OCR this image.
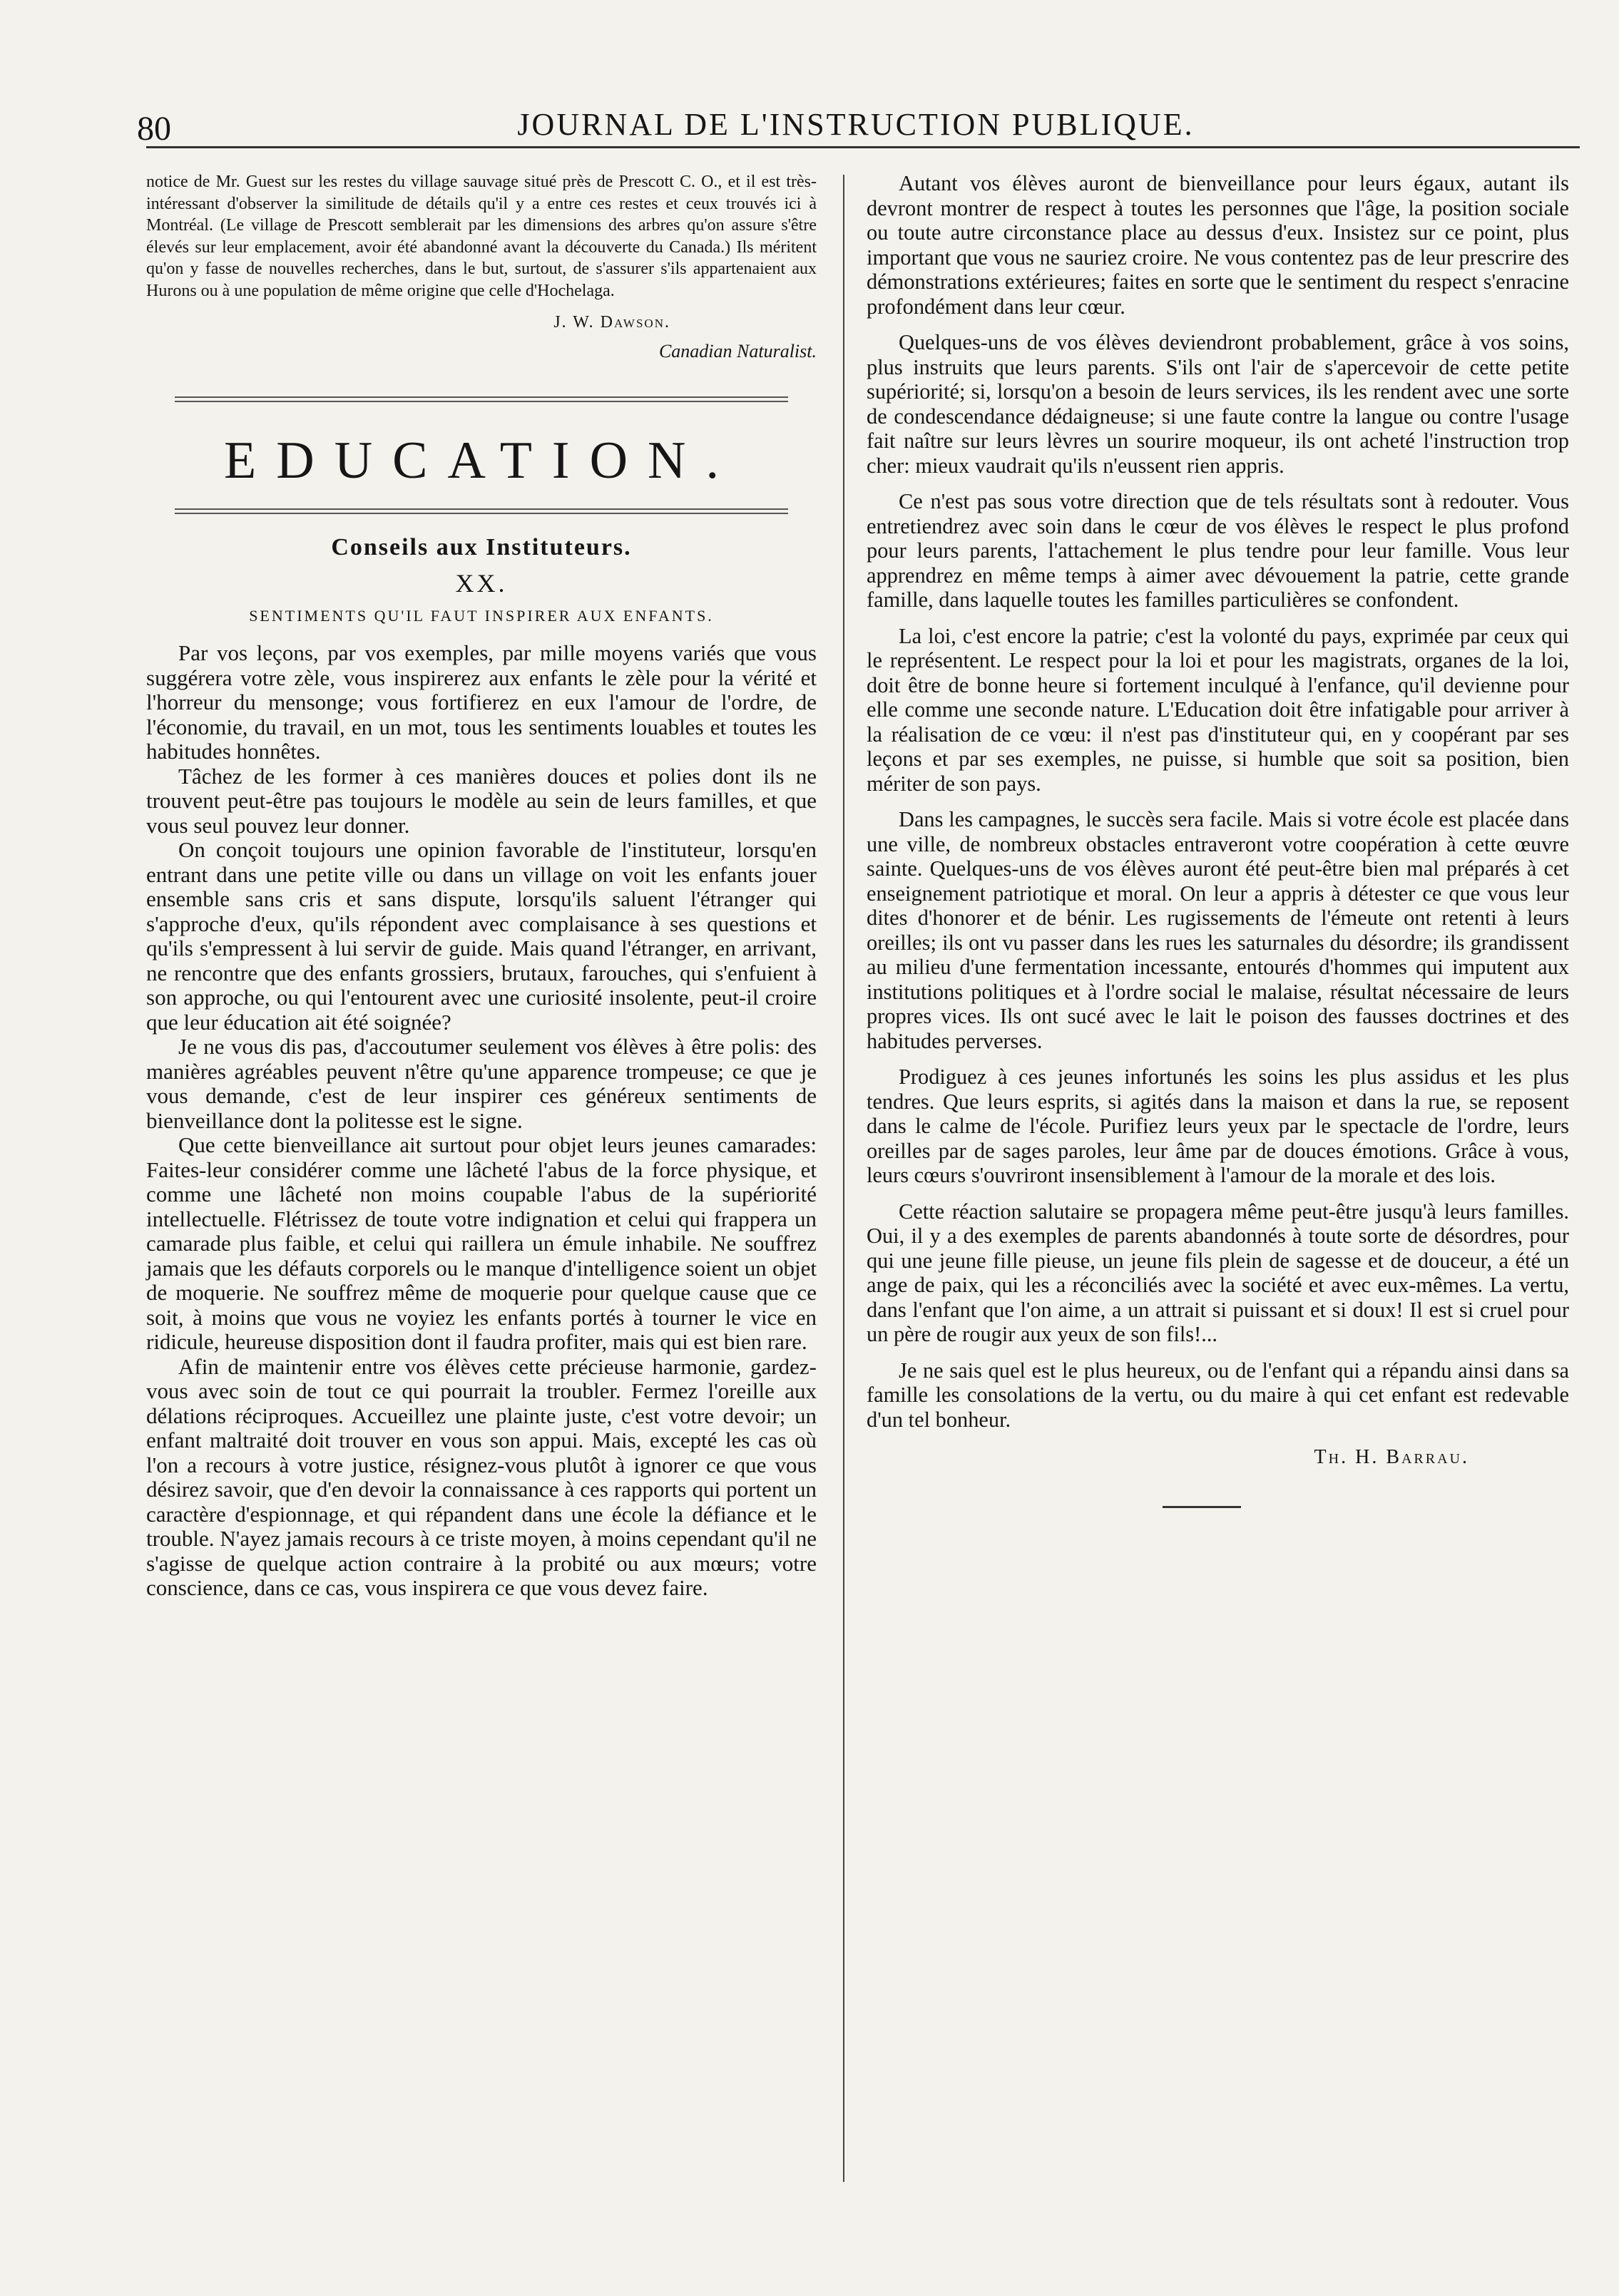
80	JOURNAL DE L'INSTRUCTION PUBLIQUE.

notice de Mr. Guest sur les restes du village sauvage situé près de Prescott C. O., et il est très-intéressant d'observer la similitude de détails qu'il y a entre ces restes et ceux trouvés ici à Montréal. (Le village de Prescott semblerait par les dimensions des arbres qu'on assure s'être élevés sur leur emplacement, avoir été abandonné avant la découverte du Canada.) Ils méritent qu'on y fasse de nouvelles recherches, dans le but, surtout, de s'assurer s'ils appartenaient aux Hurons ou à une population de même origine que celle d'Hochelaga.

J. W. Dawson.
Canadian Naturalist.
EDUCATION.
Conseils aux Instituteurs.
XX.
SENTIMENTS QU'IL FAUT INSPIRER AUX ENFANTS.

Par vos leçons, par vos exemples, par mille moyens variés que vous suggérera votre zèle, vous inspirerez aux enfants le zèle pour la vérité et l'horreur du mensonge; vous fortifierez en eux l'amour de l'ordre, de l'économie, du travail, en un mot, tous les sentiments louables et toutes les habitudes honnêtes.

Tâchez de les former à ces manières douces et polies dont ils ne trouvent peut-être pas toujours le modèle au sein de leurs familles, et que vous seul pouvez leur donner.

On conçoit toujours une opinion favorable de l'instituteur, lorsqu'en entrant dans une petite ville ou dans un village on voit les enfants jouer ensemble sans cris et sans dispute, lorsqu'ils saluent l'étranger qui s'approche d'eux, qu'ils répondent avec complaisance à ses questions et qu'ils s'empressent à lui servir de guide. Mais quand l'étranger, en arrivant, ne rencontre que des enfants grossiers, brutaux, farouches, qui s'enfuient à son approche, ou qui l'entourent avec une curiosité insolente, peut-il croire que leur éducation ait été soignée?

Je ne vous dis pas, d'accoutumer seulement vos élèves à être polis: des manières agréables peuvent n'être qu'une apparence trompeuse; ce que je vous demande, c'est de leur inspirer ces généreux sentiments de bienveillance dont la politesse est le signe.

Que cette bienveillance ait surtout pour objet leurs jeunes camarades: Faites-leur considérer comme une lâcheté l'abus de la force physique, et comme une lâcheté non moins coupable l'abus de la supériorité intellectuelle. Flétrissez de toute votre indignation et celui qui frappera un camarade plus faible, et celui qui raillera un émule inhabile. Ne souffrez jamais que les défauts corporels ou le manque d'intelligence soient un objet de moquerie. Ne souffrez même de moquerie pour quelque cause que ce soit, à moins que vous ne voyiez les enfants portés à tourner le vice en ridicule, heureuse disposition dont il faudra profiter, mais qui est bien rare.

Afin de maintenir entre vos élèves cette précieuse harmonie, gardez-vous avec soin de tout ce qui pourrait la troubler. Fermez l'oreille aux délations réciproques. Accueillez une plainte juste, c'est votre devoir; un enfant maltraité doit trouver en vous son appui. Mais, excepté les cas où l'on a recours à votre justice, résignez-vous plutôt à ignorer ce que vous désirez savoir, que d'en devoir la connaissance à ces rapports qui portent un caractère d'espionnage, et qui répandent dans une école la défiance et le trouble. N'ayez jamais recours à ce triste moyen, à moins cependant qu'il ne s'agisse de quelque action contraire à la probité ou aux mœurs; votre conscience, dans ce cas, vous inspirera ce que vous devez faire.

Autant vos élèves auront de bienveillance pour leurs égaux, autant ils devront montrer de respect à toutes les personnes que l'âge, la position sociale ou toute autre circonstance place au dessus d'eux. Insistez sur ce point, plus important que vous ne sauriez croire. Ne vous contentez pas de leur prescrire des démonstrations extérieures; faites en sorte que le sentiment du respect s'enracine profondément dans leur cœur.

Quelques-uns de vos élèves deviendront probablement, grâce à vos soins, plus instruits que leurs parents. S'ils ont l'air de s'apercevoir de cette petite supériorité; si, lorsqu'on a besoin de leurs services, ils les rendent avec une sorte de condescendance dédaigneuse; si une faute contre la langue ou contre l'usage fait naître sur leurs lèvres un sourire moqueur, ils ont acheté l'instruction trop cher: mieux vaudrait qu'ils n'eussent rien appris.

Ce n'est pas sous votre direction que de tels résultats sont à redouter. Vous entretiendrez avec soin dans le cœur de vos élèves le respect le plus profond pour leurs parents, l'attachement le plus tendre pour leur famille. Vous leur apprendrez en même temps à aimer avec dévouement la patrie, cette grande famille, dans laquelle toutes les familles particulières se confondent.

La loi, c'est encore la patrie; c'est la volonté du pays, exprimée par ceux qui le représentent. Le respect pour la loi et pour les magistrats, organes de la loi, doit être de bonne heure si fortement inculqué à l'enfance, qu'il devienne pour elle comme une seconde nature. L'Education doit être infatigable pour arriver à la réalisation de ce vœu: il n'est pas d'instituteur qui, en y coopérant par ses leçons et par ses exemples, ne puisse, si humble que soit sa position, bien mériter de son pays.

Dans les campagnes, le succès sera facile. Mais si votre école est placée dans une ville, de nombreux obstacles entraveront votre coopération à cette œuvre sainte. Quelques-uns de vos élèves auront été peut-être bien mal préparés à cet enseignement patriotique et moral. On leur a appris à détester ce que vous leur dites d'honorer et de bénir. Les rugissements de l'émeute ont retenti à leurs oreilles; ils ont vu passer dans les rues les saturnales du désordre; ils grandissent au milieu d'une fermentation incessante, entourés d'hommes qui imputent aux institutions politiques et à l'ordre social le malaise, résultat nécessaire de leurs propres vices. Ils ont sucé avec le lait le poison des fausses doctrines et des habitudes perverses.

Prodiguez à ces jeunes infortunés les soins les plus assidus et les plus tendres. Que leurs esprits, si agités dans la maison et dans la rue, se reposent dans le calme de l'école. Purifiez leurs yeux par le spectacle de l'ordre, leurs oreilles par de sages paroles, leur âme par de douces émotions. Grâce à vous, leurs cœurs s'ouvriront insensiblement à l'amour de la morale et des lois.

Cette réaction salutaire se propagera même peut-être jusqu'à leurs familles. Oui, il y a des exemples de parents abandonnés à toute sorte de désordres, pour qui une jeune fille pieuse, un jeune fils plein de sagesse et de douceur, a été un ange de paix, qui les a réconciliés avec la société et avec eux-mêmes. La vertu, dans l'enfant que l'on aime, a un attrait si puissant et si doux! Il est si cruel pour un père de rougir aux yeux de son fils!...

Je ne sais quel est le plus heureux, ou de l'enfant qui a répandu ainsi dans sa famille les consolations de la vertu, ou du maire à qui cet enfant est redevable d'un tel bonheur.

Th. H. Barrau.
